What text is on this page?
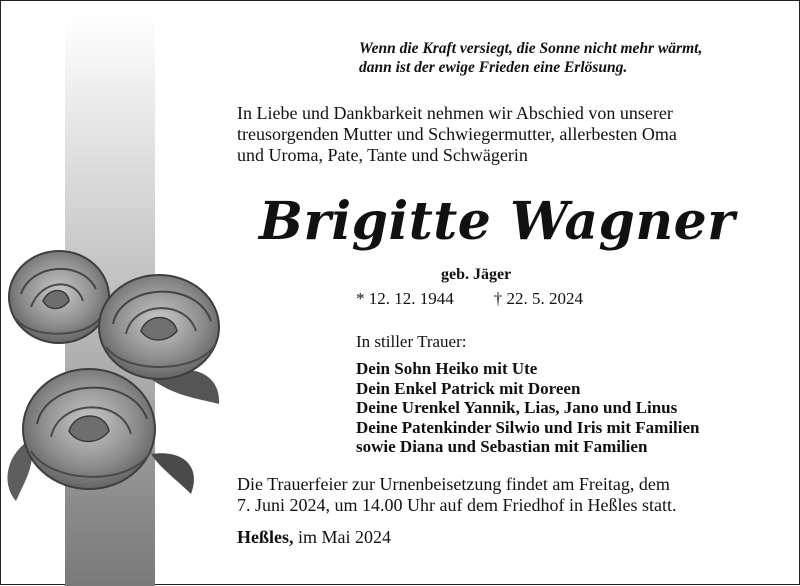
Wenn die Kraft versiegt, die Sonne nicht mehr wärmt,
dann ist der ewige Frieden eine Erlösung.
In Liebe und Dankbarkeit nehmen wir Abschied von unserer
treusorgenden Mutter und Schwiegermutter, allerbesten Oma
und Uroma, Pate, Tante und Schwägerin
Brigitte Wagner
geb. Jäger
* 12. 12. 1944 † 22. 5. 2024
In stiller Trauer:
Dein Sohn Heiko mit Ute
Dein Enkel Patrick mit Doreen
Deine Urenkel Yannik, Lias, Jano und Linus
Deine Patenkinder Silwio und Iris mit Familien
sowie Diana und Sebastian mit Familien
Die Trauerfeier zur Urnenbeisetzung findet am Freitag, dem
7. Juni 2024, um 14.00 Uhr auf dem Friedhof in Heßles statt.
Heßles, im Mai 2024
